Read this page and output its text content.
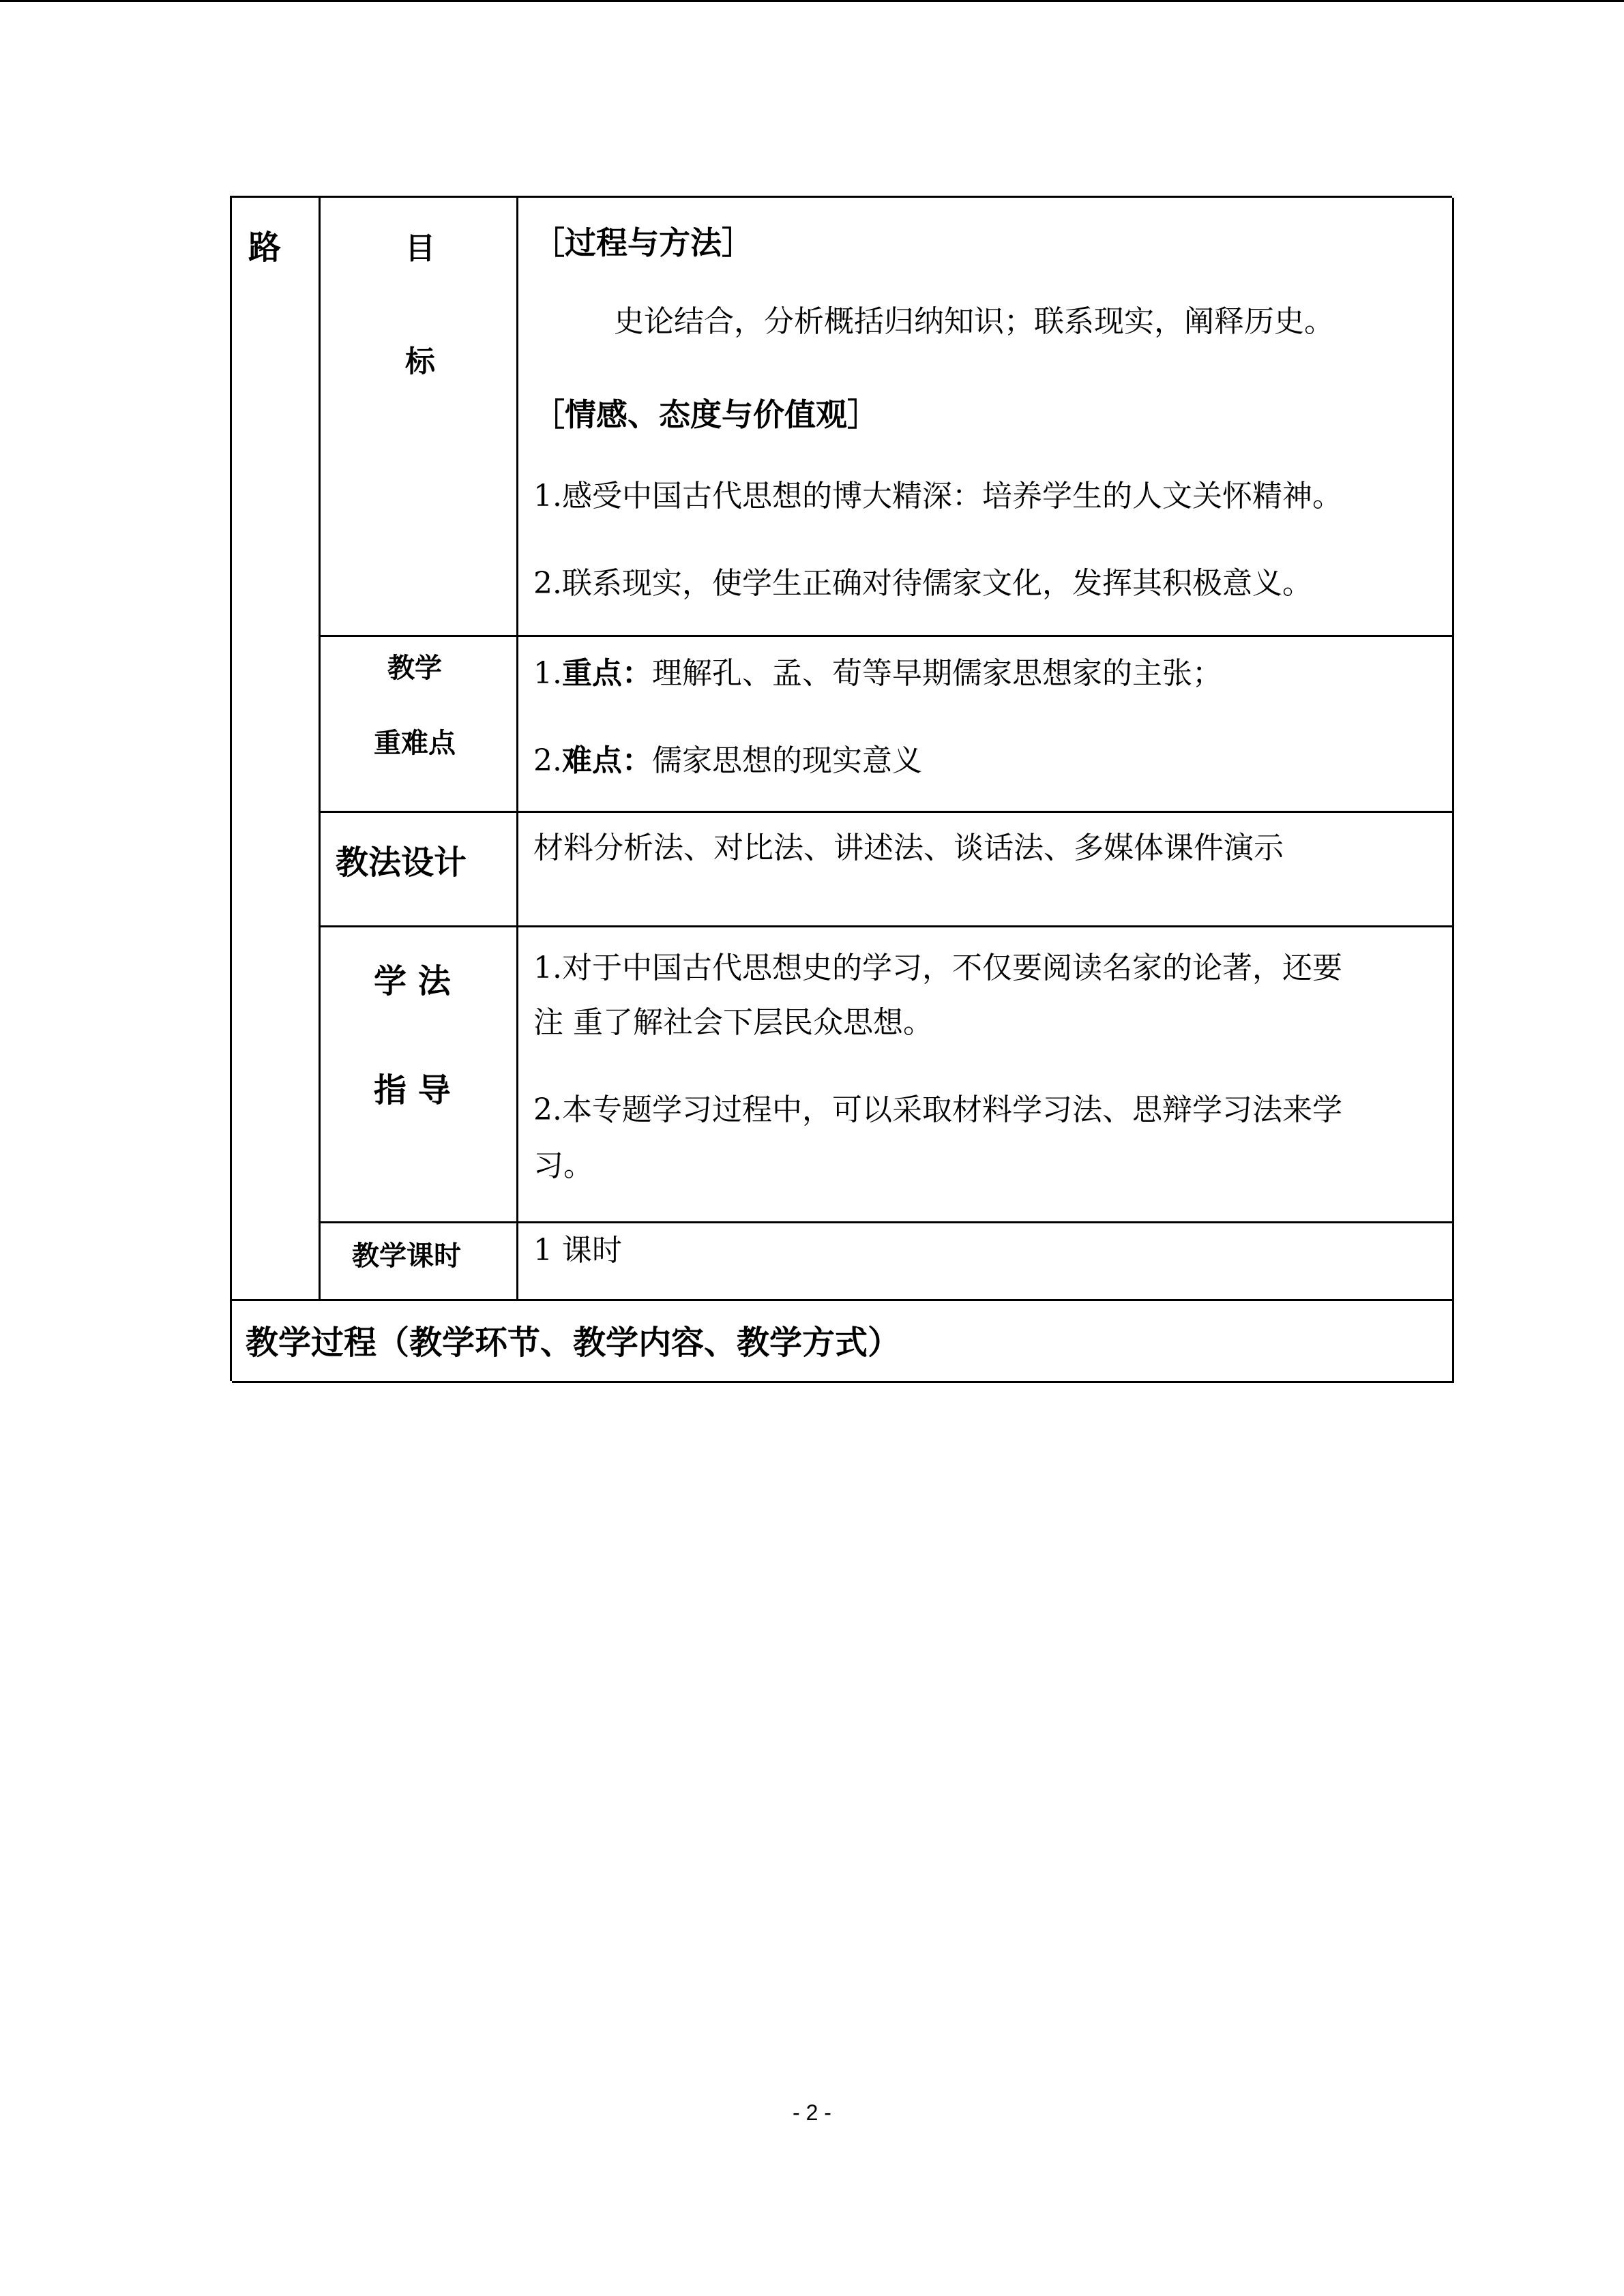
路	目
标
［过程与方法］
史论结合，分析概括归纳知识；联系现实，阐释历史。
［情感、态度与价值观］
1.感受中国古代思想的博大精深：培养学生的人文关怀精神。
2.联系现实，使学生正确对待儒家文化，发挥其积极意义。
教学
重难点
1.重点：理解孔、孟、荀等早期儒家思想家的主张；
2.难点：儒家思想的现实意义
教法设计 材料分析法、对比法、讲述法、谈话法、多媒体课件演示
学 法
指 导
1.对于中国古代思想史的学习，不仅要阅读名家的论著，还要
注 重了解社会下层民众思想。
2.本专题学习过程中，可以采取材料学习法、思辩学习法来学
习。
教学课时 1 课时
教学过程（教学环节、教学内容、教学方式）
- 2 -
